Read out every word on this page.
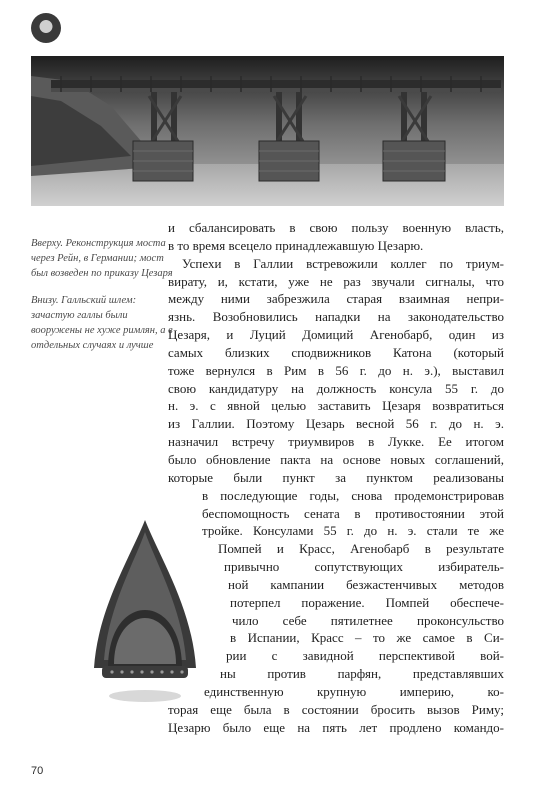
Вверху. Реконструкция моста через Рейн, в Германии; мост был возведен по приказу Цезаря

Внизу. Галльский шлем: зачастую галлы были вооружены не хуже римлян, а в отдельных случаях и лучше

и сбалансировать в свою пользу военную власть,
в то время всецело принадлежавшую Цезарю.
Успехи в Галлии встревожили коллег по триум-
вирату, и, кстати, уже не раз звучали сигналы, что
между ними забрезжила старая взаимная непри-
язнь. Возобновились нападки на законодательство
Цезаря, и Луций Домиций Агенобарб, один из
самых близких сподвижников Катона (который
тоже вернулся в Рим в 56 г. до н. э.), выставил
свою кандидатуру на должность консула 55 г. до
н. э. с явной целью заставить Цезаря возвратиться
из Галлии. Поэтому Цезарь весной 56 г. до н. э.
назначил встречу триумвиров в Лукке. Ее итогом
было обновление пакта на основе новых соглашений,
которые были пункт за пунктом реализованы
в последующие годы, снова продемонстрировав
беспомощность сената в противостоянии этой
тройке. Консулами 55 г. до н. э. стали те же
Помпей и Красс, Агенобарб в результате
привычно сопутствующих избиратель-
ной кампании безжастенчивых методов
потерпел поражение. Помпей обеспече-
чило себе пятилетнее проконсульство
в Испании, Красс – то же самое в Си-
рии с завидной перспективой вой-
ны против парфян, представлявших
единственную крупную империю, ко-
торая еще была в состоянии бросить вызов Риму;
Цезарю было еще на пять лет продлено командо-
70
